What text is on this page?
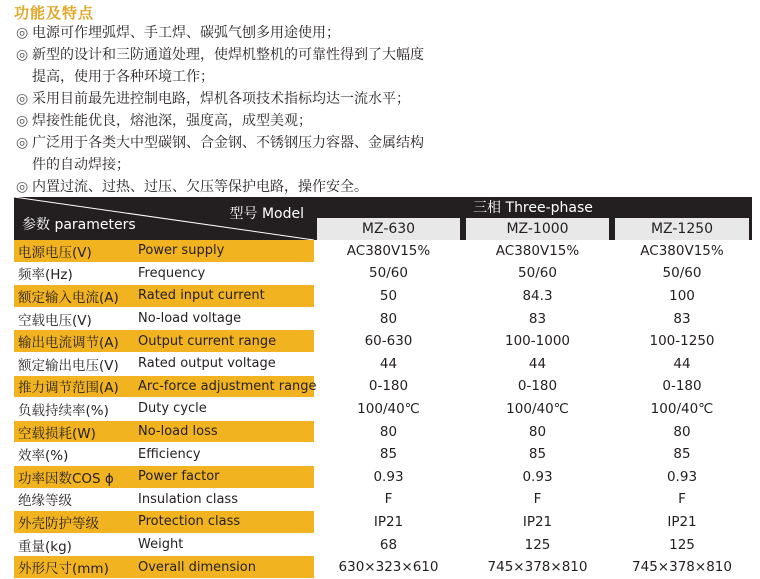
功能及特点
◎ 电源可作埋弧焊、手工焊、碳弧气刨多用途使用；
◎ 新型的设计和三防通道处理，使焊机整机的可靠性得到了大幅度
提高，使用于各种环境工作；
◎ 采用目前最先进控制电路，焊机各项技术指标均达一流水平；
◎ 焊接性能优良，熔池深，强度高，成型美观；
◎ 广泛用于各类大中型碳钢、合金钢、不锈钢压力容器、金属结构
件的自动焊接；
◎ 内置过流、过热、过压、欠压等保护电路，操作安全。
型号 Model
参数 parameters		三相 Three-phase		

		MZ-630	MZ-1000	MZ-1250

电源电压(V)	Power supply	AC380V15%	AC380V15%	AC380V15%
频率(Hz)	Frequency	50/60	50/60	50/60
额定输入电流(A)	Rated input current	50	84.3	100
空载电压(V)	No-load voltage	80	83	83
输出电流调节(A)	Output current range	60-630	100-1000	100-1250
额定输出电压(V)	Rated output voltage	44	44	44
推力调节范围(A)	Arc-force adjustment range	0-180	0-180	0-180
负载持续率(%)	Duty cycle	100/40℃	100/40℃	100/40℃
空载损耗(W)	No-load loss	80	80	80
效率(%)	Efficiency	85	85	85
功率因数COS ɸ	Power factor	0.93	0.93	0.93
绝缘等级	Insulation class	F	F	F
外壳防护等级	Protection class	IP21	IP21	IP21
重量(kg)	Weight	68	125	125
外形尺寸(mm)	Overall dimension	630×323×610	745×378×810	745×378×810
